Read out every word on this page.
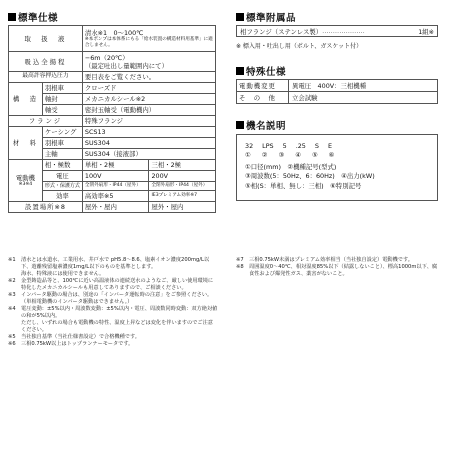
標準仕様
取　扱　液		清水※1　0〜100℃
※本ポンプは本体系にもる「給水装置の構造材料用基準」に適合しません。	

吸込全揚程		−6m（20℃）
（最定吐出し量範囲内にて）	

最高許容押込圧力		要目表をご覧ください。	
構　造	羽根車	クローズド	
	軸封	メカニカルシール※2	
	軸受	密封玉軸受（電動機内）	
フランジ		特殊フランジ	
材　料	ケーシング	SCS13	
	羽根車	SUS304	
	主軸	SUS304（接液部）	

電動機
※3※4	相・極数	単相・2極	三相・2極
	電圧	100V	200V
	形式・保護方式	全閉外扇形・IP44（屋外）	全閉外扇形・IP44（屋外）
	効率	高効率※5	IE3プレミアム効率※7
設置場所※8		屋外・屋内	屋外・屋内
標準附属品
相フランジ（ステンレス製） ‥‥‥‥‥‥‥‥‥‥	1組※
※ 標入用・吐出し用（ボルト、ガスケット付）
特殊仕様
電動機変更	異電圧　400V：三相機種
そ　の　他	立会試験
機名説明
32 LPS 5 .25 S E
① ② ③ ④ ⑤ ⑥
①口径(mm)　②機種記号(型式)
③周波数(5：50Hz、6：60Hz)　④出力(kW)
⑤相(S：単相、無し：三相)　⑥特別記号
※1	清水とは水道水、工業用水、井戸水で pH5.8〜8.6、塩素イオン濃度200mg/L以下、遊離残留塩素濃度1mg/L以下のものを基準とします。
海水、特殊液には使用できません。
※2	金型鋳造品等と、100℃に近い高温液体の連続送水のようなご、厳しい使用環境に特化したメカニカルシールも用意してありますので、ご相談ください。
※3	インバータ駆動の場合は、別途の「インバータ運転時の注意」をご参照ください。（単相電動機のインバータ駆動はできません。）
※4	電圧変動：±5%以内・周波数変動：±5%以内・電圧、周波数同時変動：双方絶対値の和が5%以内。
ただし、いずれの場合も電動機の特性、温度上昇などは変化を伴いますのでご注意ください。
※5	当社独自基準（当社仕様書設定）で合格機種です。
※6	三相0.75kW以上はトップランナーモータです。
※7	三相0.75kW未満はプレミアム効率相当（当社独自設定）電動機です。
※8	周囲温度0〜40℃、相対湿度85%以下（結露しないこと）、標高1000m以下、腐食性および爆発性ガス、薬害がないこと。
